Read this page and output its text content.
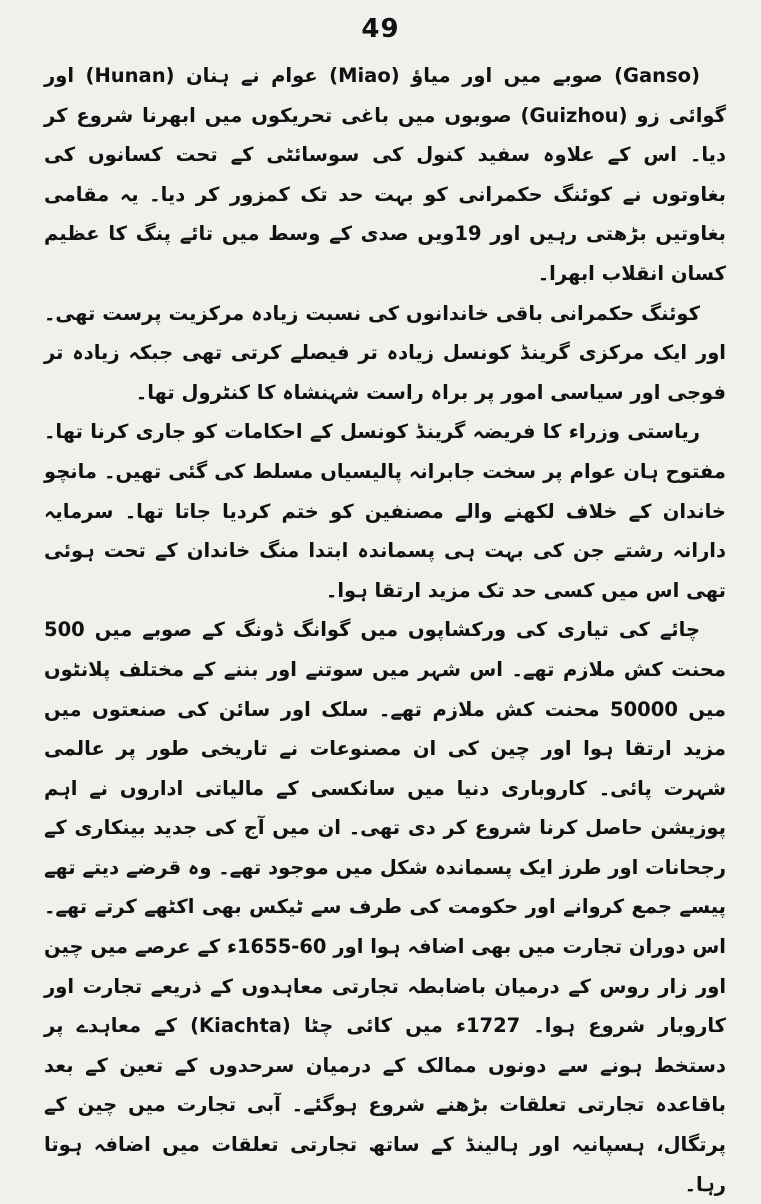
49

(Ganso) صوبے میں اور میاؤ (Miao) عوام نے ہنان (Hunan) اور گوائی زو (Guizhou) صوبوں میں باغی تحریکوں میں ابھرنا شروع کر دیا۔ اس کے علاوہ سفید کنول کی سوسائٹی کے تحت کسانوں کی بغاوتوں نے کوئنگ حکمرانی کو بہت حد تک کمزور کر دیا۔ یہ مقامی بغاوتیں بڑھتی رہیں اور 19ویں صدی کے وسط میں تائے پنگ کا عظیم کسان انقلاب ابھرا۔

کوئنگ حکمرانی باقی خاندانوں کی نسبت زیادہ مرکزیت پرست تھی۔ اور ایک مرکزی گرینڈ کونسل زیادہ تر فیصلے کرتی تھی جبکہ زیادہ تر فوجی اور سیاسی امور پر براہ راست شہنشاہ کا کنٹرول تھا۔

ریاستی وزراء کا فریضہ گرینڈ کونسل کے احکامات کو جاری کرنا تھا۔ مفتوح ہان عوام پر سخت جابرانہ پالیسیاں مسلط کی گئی تھیں۔ مانچو خاندان کے خلاف لکھنے والے مصنفین کو ختم کردیا جاتا تھا۔ سرمایہ دارانہ رشتے جن کی بہت ہی پسماندہ ابتدا منگ خاندان کے تحت ہوئی تھی اس میں کسی حد تک مزید ارتقا ہوا۔

چائے کی تیاری کی ورکشاپوں میں گوانگ ڈونگ کے صوبے میں 500 محنت کش ملازم تھے۔ اس شہر میں سوتنے اور بننے کے مختلف پلانٹوں میں 50000 محنت کش ملازم تھے۔ سلک اور سائن کی صنعتوں میں مزید ارتقا ہوا اور چین کی ان مصنوعات نے تاریخی طور پر عالمی شہرت پائی۔ کاروباری دنیا میں سانکسی کے مالیاتی اداروں نے اہم پوزیشن حاصل کرنا شروع کر دی تھی۔ ان میں آج کی جدید بینکاری کے رجحانات اور طرز ایک پسماندہ شکل میں موجود تھے۔ وہ قرضے دیتے تھے پیسے جمع کروانے اور حکومت کی طرف سے ٹیکس بھی اکٹھے کرتے تھے۔ اس دوران تجارت میں بھی اضافہ ہوا اور 60-1655ء کے عرصے میں چین اور زار روس کے درمیان باضابطہ تجارتی معاہدوں کے ذریعے تجارت اور کاروبار شروع ہوا۔ 1727ء میں کائی چٹا (Kiachta) کے معاہدے پر دستخط ہونے سے دونوں ممالک کے درمیان سرحدوں کے تعین کے بعد باقاعدہ تجارتی تعلقات بڑھنے شروع ہوگئے۔ آبی تجارت میں چین کے پرتگال، ہسپانیہ اور ہالینڈ کے ساتھ تجارتی تعلقات میں اضافہ ہوتا رہا۔
